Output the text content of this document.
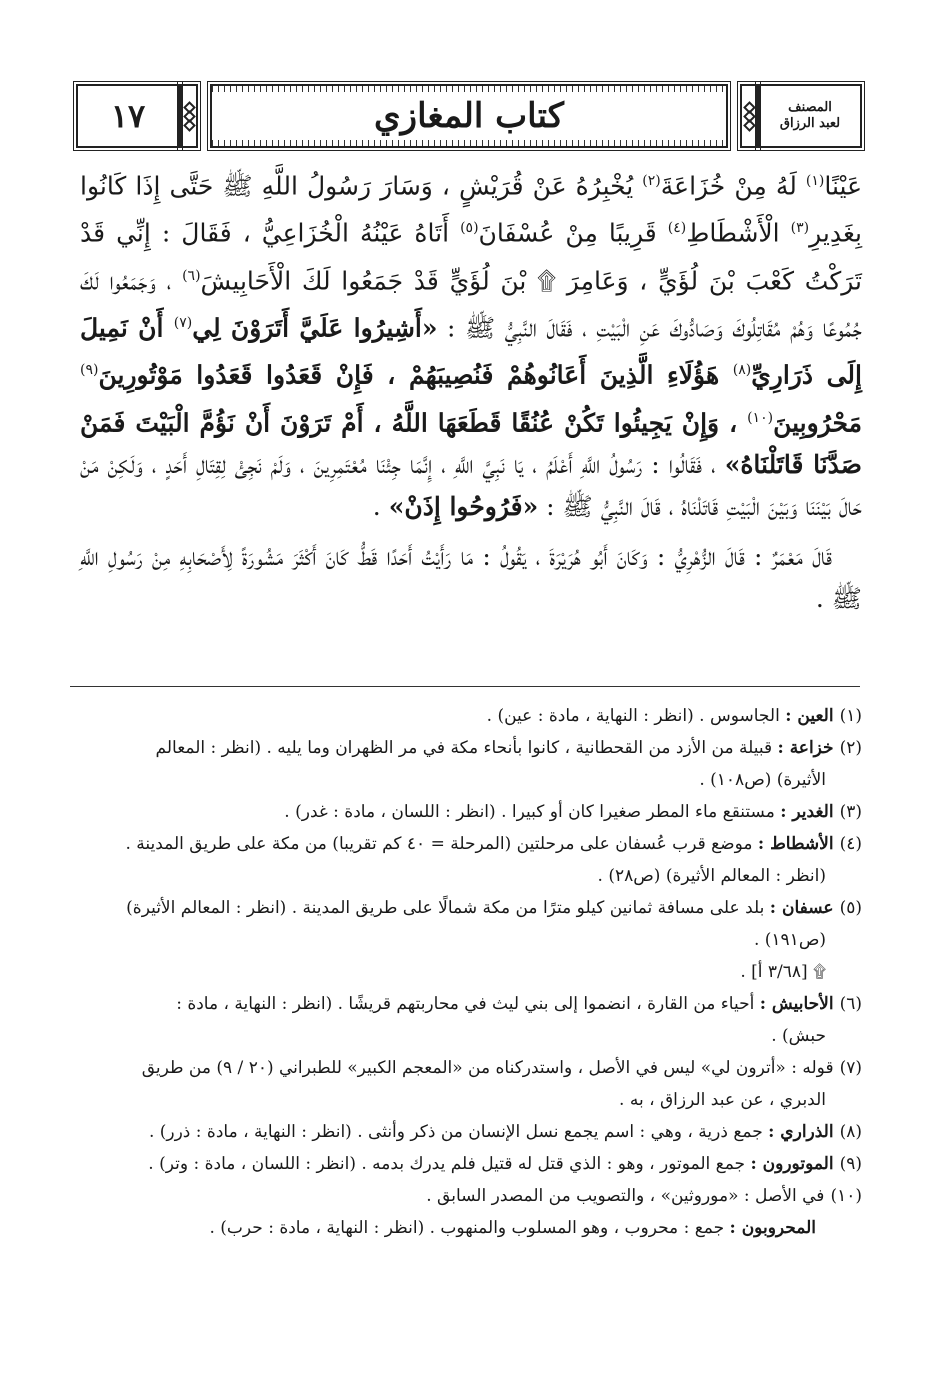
المصنف
لعبد الرزاق
كتاب المغازي
١٧

عَيْنًا$^{(١)}$ لَهُ مِنْ خُزَاعَةَ$^{(٢)}$ يُخْبِرُهُ عَنْ قُرَيْشٍ ، وَسَارَ رَسُولُ اللَّهِ ﷺ حَتَّى إِذَا كَانُوا بِغَدِيرِ$^{(٣)}$ الْأَشْطَاطِ$^{(٤)}$ قَرِيبًا مِنْ عُسْفَانَ$^{(٥)}$ أَتَاهُ عَيْنُهُ الْخُزَاعِيُّ ، فَقَالَ : إِنِّي قَدْ تَرَكْتُ كَعْبَ بْنَ لُؤَيٍّ ، وَعَامِرَ ۩ بْنَ لُؤَيٍّ قَدْ جَمَعُوا لَكَ الْأَحَابِيشَ$^{(٦)}$ ، وَجَمَعُوا لَكَ جُمُوعًا وَهُمْ مُقَاتِلُوكَ وَصَادُّوكَ عَنِ الْبَيْتِ ، فَقَالَ النَّبِيُّ ﷺ : «أَشِيرُوا عَلَيَّ أَتَرَوْنَ لِي$^{(٧)}$ أَنْ نَمِيلَ إِلَى ذَرَارِيِّ$^{(٨)}$ هَؤُلَاءِ الَّذِينَ أَعَانُوهُمْ فَنُصِيبَهُمْ ، فَإِنْ قَعَدُوا قَعَدُوا مَوْتُورِينَ$^{(٩)}$ مَحْرُوبِينَ$^{(١٠)}$ ، وَإِنْ يَجِيئُوا تَكُنْ عُنُقًا قَطَعَهَا اللَّهُ ، أَمْ تَرَوْنَ أَنْ نَؤُمَّ الْبَيْتَ فَمَنْ صَدَّنَا قَاتَلْنَاهُ» ، فَقَالُوا : رَسُولُ اللَّهِ أَعْلَمُ ، يَا نَبِيَّ اللَّهِ ، إِنَّمَا جِئْنَا مُعْتَمِرِينَ ، وَلَمْ نَجِئْ لِقِتَالِ أَحَدٍ ، وَلَكِنْ مَنْ حَالَ بَيْنَنَا وَبَيْنَ الْبَيْتِ قَاتَلْنَاهُ ، قَالَ النَّبِيُّ ﷺ : «فَرُوحُوا إِذَنْ» .

قَالَ مَعْمَرٌ : قَالَ الزُّهْرِيُّ : وَكَانَ أَبُو هُرَيْرَةَ ، يَقُولُ : مَا رَأَيْتُ أَحَدًا قَطُّ كَانَ أَكْثَرَ مَشُورَةً لِأَصْحَابِهِ مِنْ رَسُولِ اللَّهِ ﷺ .

(١)العين : الجاسوس . (انظر : النهاية ، مادة : عين) .
(٢)خزاعة : قبيلة من الأزد من القحطانية ، كانوا بأنحاء مكة في مر الظهران وما يليه . (انظر : المعالم
الأثيرة) (ص١٠٨) .
(٣)الغدير : مستنقع ماء المطر صغيرا كان أو كبيرا . (انظر : اللسان ، مادة : غدر) .
(٤)الأشطاط : موضع قرب عُسفان على مرحلتين (المرحلة = ٤٠ كم تقريبا) من مكة على طريق المدينة .
(انظر : المعالم الأثيرة) (ص٢٨) .
(٥)عسفان : بلد على مسافة ثمانين كيلو مترًا من مكة شمالًا على طريق المدينة . (انظر : المعالم الأثيرة)
(ص١٩١) .
۩ [٣/٦٨ أ] .
(٦)الأحابيش : أحياء من القارة ، انضموا إلى بني ليث في محاربتهم قريشًا . (انظر : النهاية ، مادة :
حبش) .
(٧)قوله : «أترون لي» ليس في الأصل ، واستدركناه من «المعجم الكبير» للطبراني (٢٠ / ٩) من طريق
الدبري ، عن عبد الرزاق ، به .
(٨)الذراري : جمع ذرية ، وهي : اسم يجمع نسل الإنسان من ذكر وأنثى . (انظر : النهاية ، مادة : ذرر) .
(٩)الموتورون : جمع الموتور ، وهو : الذي قتل له قتيل فلم يدرك بدمه . (انظر : اللسان ، مادة : وتر) .
(١٠)في الأصل : «موروثين» ، والتصويب من المصدر السابق .
المحروبون : جمع : محروب ، وهو المسلوب والمنهوب . (انظر : النهاية ، مادة : حرب) .
